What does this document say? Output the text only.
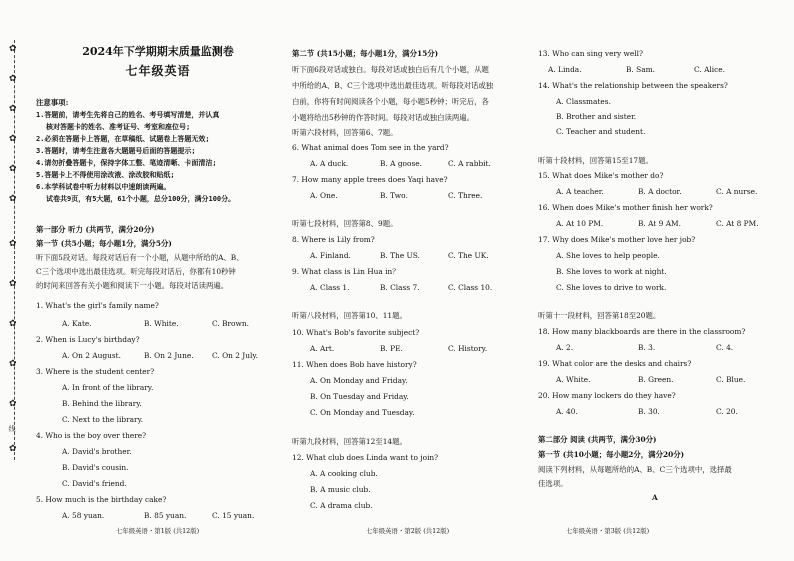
✿
✿
✿
✿
✿
✿
✿
✿
✿
✿
✿
线
✿
2024年下学期期末质量监测卷
七年级英语
注意事项:
1.答题前，请考生先将自己的姓名、考号填写清楚，并认真
核对答题卡的姓名、准考证号、考室和座位号;
2.必须在答题卡上答题，在草稿纸、试题卷上答题无效;
3.答题时，请考生注意各大题题号后面的答题提示;
4.请勿折叠答题卡，保持字体工整、笔迹清晰、卡面清洁;
5.答题卡上不得使用涂改液、涂改胶和贴纸;
6.本学科试卷中听力材料以中速朗读两遍。
试卷共9页，有5大题，61个小题，总分100分，满分100分。
第一部分 听力 (共两节，满分20分)
第一节 (共5小题；每小题1分，满分5分)
听下面5段对话。每段对话后有一个小题，从题中所给的A、B、
C三个选项中选出最佳选项。听完每段对话后，你都有10秒钟
的时间来回答有关小题和阅读下一小题。每段对话读两遍。
1. What's the girl's family name?
A. Kate.	B. White.	C. Brown.
2. When is Lucy's birthday?
A. On 2 August.	B. On 2 June. C. On 2 July.
3. Where is the student center?
A. In front of the library.
B. Behind the library.
C. Next to the library.
4. Who is the boy over there?
A. David's brother.
B. David's cousin.
C. David's friend.
5. How much is the birthday cake?
A. 58 yuan.	B. 85 yuan.	C. 15 yuan.
七年级英语・第1版 (共12版)
第二节 (共15小题；每小题1分，满分15分)
听下面6段对话或独白。每段对话或独白后有几个小题，从题
中所给的A、B、C三个选项中选出最佳选项。听每段对话或独
白前，你将有时间阅读各个小题，每小题5秒钟；听完后，各
小题将给出5秒钟的作答时间。每段对话或独白读两遍。
听第六段材料，回答第6、7题。
6. What animal does Tom see in the yard?
A. A duck.	B. A goose.	C. A rabbit.
7. How many apple trees does Yaqi have?
A. One.	B. Two.	C. Three.
听第七段材料，回答第8、9题。
8. Where is Lily from?
A. Finland.	B. The US.	C. The UK.
9. What class is Lin Hua in？
A. Class 1.	B. Class 7.	C. Class 10.
听第八段材料，回答第10、11题。
10. What's Bob's favorite subject?
A. Art.	B. PE.	C. History.
11. When does Bob have history?
A. On Monday and Friday.
B. On Tuesday and Friday.
C. On Monday and Tuesday.
听第九段材料，回答第12至14题。
12. What club does Linda want to join?
A. A cooking club.
B. A music club.
C. A drama club.
七年级英语・第2版 (共12版)
13. Who can sing very well?
A. Linda.	B. Sam.	C. Alice.
14. What's the relationship between the speakers?
A. Classmates.
B. Brother and sister.
C. Teacher and student.
听第十段材料，回答第15至17题。
15. What does Mike's mother do?
A. A teacher.	B. A doctor.	C. A nurse.
16. When does Mike's mother finish her work?
A. At 10 PM.	B. At 9 AM.	C. At 8 PM.
17. Why does Mike's mother love her job?
A. She loves to help people.
B. She loves to work at night.
C. She loves to drive to work.
听第十一段材料，回答第18至20题。
18. How many blackboards are there in the classroom?
A. 2.	B. 3.	C. 4.
19. What color are the desks and chairs?
A. White.	B. Green.	C. Blue.
20. How many lockers do they have?
A. 40.	B. 30.	C. 20.
第二部分 阅读 (共两节，满分30分)
第一节 (共10小题；每小题2分，满分20分)
阅读下列材料，从每题所给的A、B、C三个选项中，选择最
佳选项。
A
七年级英语・第3版 (共12版)
